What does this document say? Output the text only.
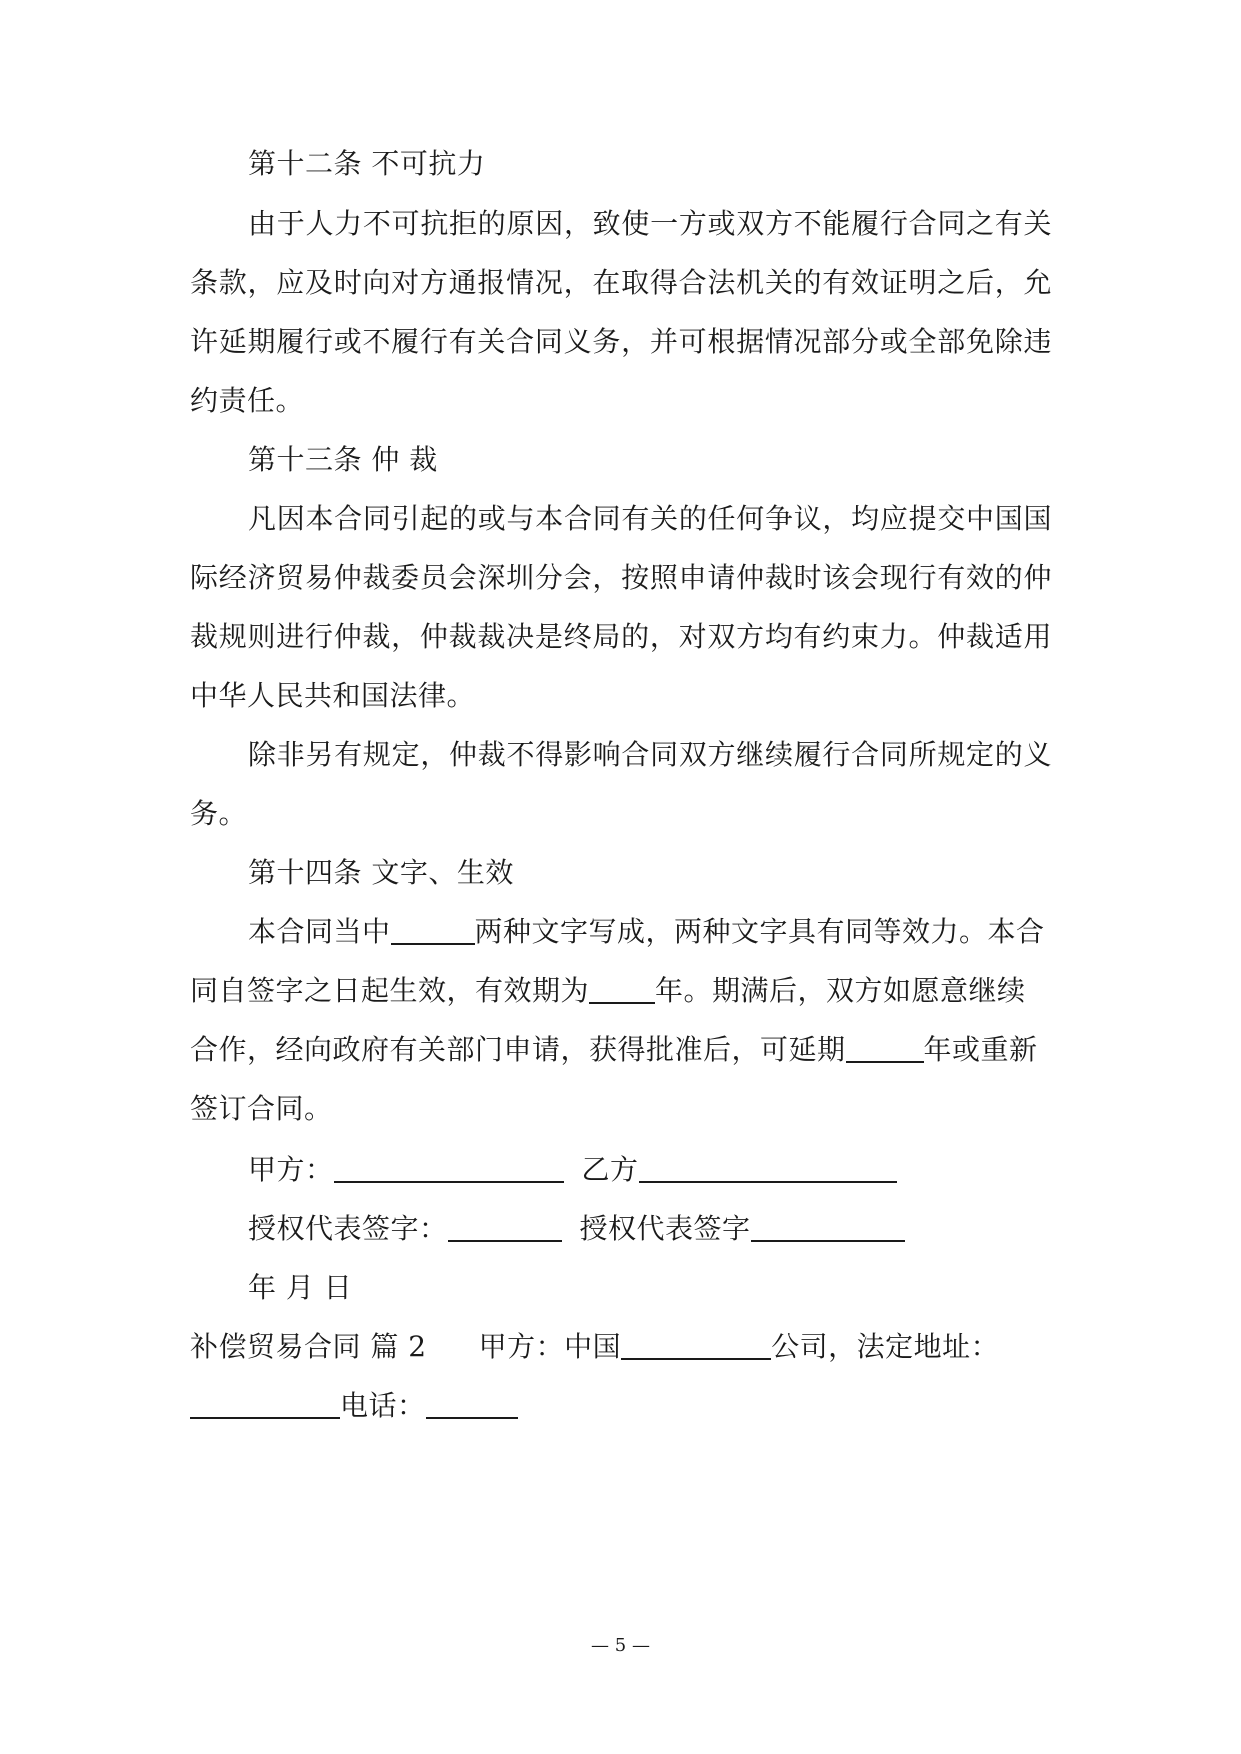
第十二条 不可抗力
由于人力不可抗拒的原因，致使一方或双方不能履行合同之有关
条款，应及时向对方通报情况，在取得合法机关的有效证明之后，允
许延期履行或不履行有关合同义务，并可根据情况部分或全部免除违
约责任。
第十三条 仲 裁
凡因本合同引起的或与本合同有关的任何争议，均应提交中国国
际经济贸易仲裁委员会深圳分会，按照申请仲裁时该会现行有效的仲
裁规则进行仲裁，仲裁裁决是终局的，对双方均有约束力。仲裁适用
中华人民共和国法律。
除非另有规定，仲裁不得影响合同双方继续履行合同所规定的义
务。
第十四条 文字、生效
本合同当中	两种文字写成，两种文字具有同等效力。本合
同自签字之日起生效，有效期为 年。期满后，双方如愿意继续
合作，经向政府有关部门申请，获得批准后，可延期	年或重新
签订合同。
甲方：	乙方
授权代表签字：	授权代表签字
年 月 日
补偿贸易合同 篇 2 甲方：中国	公司，法定地址：
电话：
— 5 —
